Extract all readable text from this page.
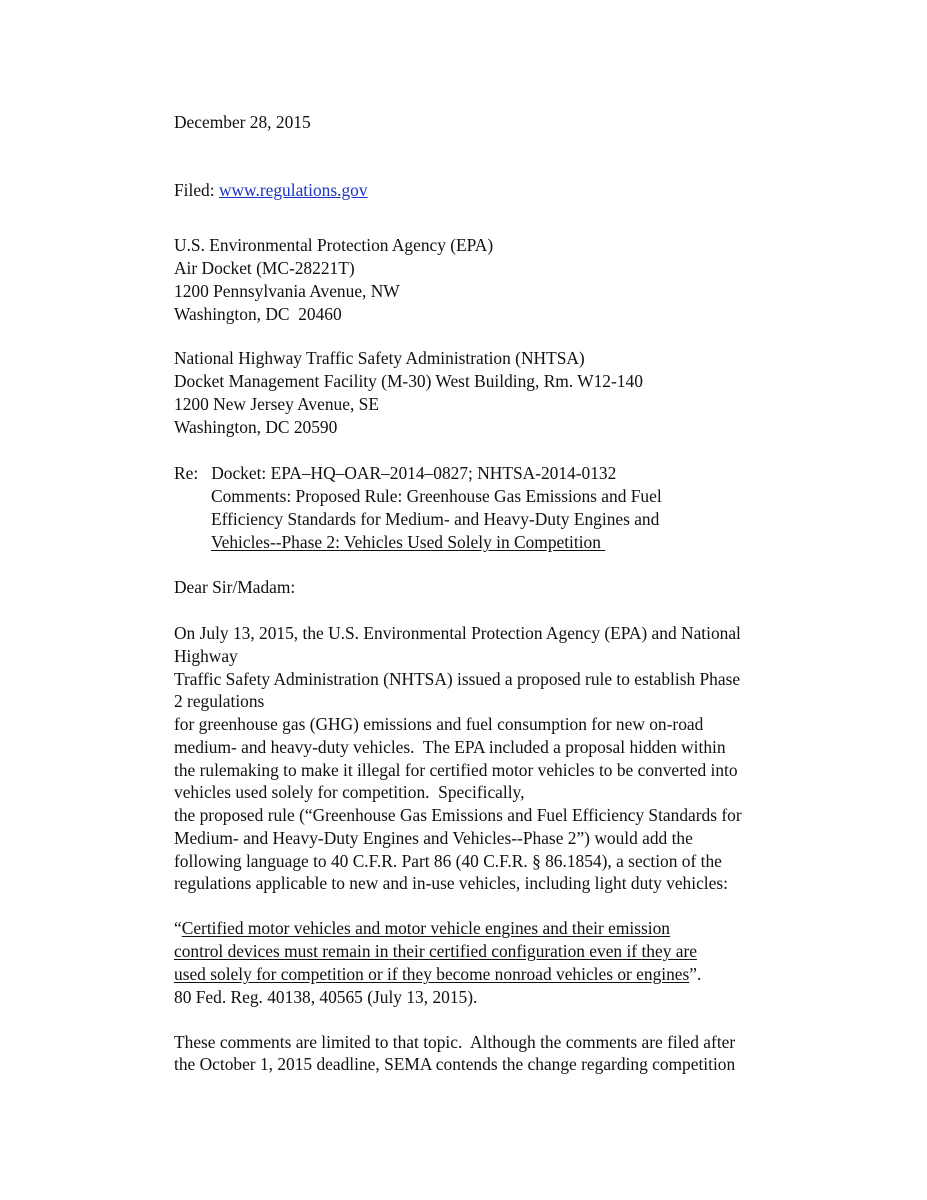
December 28, 2015
Filed: www.regulations.gov
U.S. Environmental Protection Agency (EPA)
Air Docket (MC-28221T)
1200 Pennsylvania Avenue, NW
Washington, DC  20460
National Highway Traffic Safety Administration (NHTSA)
Docket Management Facility (M-30) West Building, Rm. W12-140
1200 New Jersey Avenue, SE
Washington, DC 20590
Re:   Docket: EPA–HQ–OAR–2014–0827; NHTSA-2014-0132
Comments: Proposed Rule: Greenhouse Gas Emissions and Fuel
Efficiency Standards for Medium- and Heavy-Duty Engines and
Vehicles--Phase 2: Vehicles Used Solely in Competition
Dear Sir/Madam:
On July 13, 2015, the U.S. Environmental Protection Agency (EPA) and National
Highway
Traffic Safety Administration (NHTSA) issued a proposed rule to establish Phase
2 regulations
for greenhouse gas (GHG) emissions and fuel consumption for new on-road
medium- and heavy-duty vehicles.  The EPA included a proposal hidden within
the rulemaking to make it illegal for certified motor vehicles to be converted into
vehicles used solely for competition.  Specifically,
the proposed rule (“Greenhouse Gas Emissions and Fuel Efficiency Standards for
Medium- and Heavy-Duty Engines and Vehicles--Phase 2”) would add the
following language to 40 C.F.R. Part 86 (40 C.F.R. § 86.1854), a section of the
regulations applicable to new and in-use vehicles, including light duty vehicles:
“Certified motor vehicles and motor vehicle engines and their emission
control devices must remain in their certified configuration even if they are
used solely for competition or if they become nonroad vehicles or engines”.
80 Fed. Reg. 40138, 40565 (July 13, 2015).
These comments are limited to that topic.  Although the comments are filed after
the October 1, 2015 deadline, SEMA contends the change regarding competition
